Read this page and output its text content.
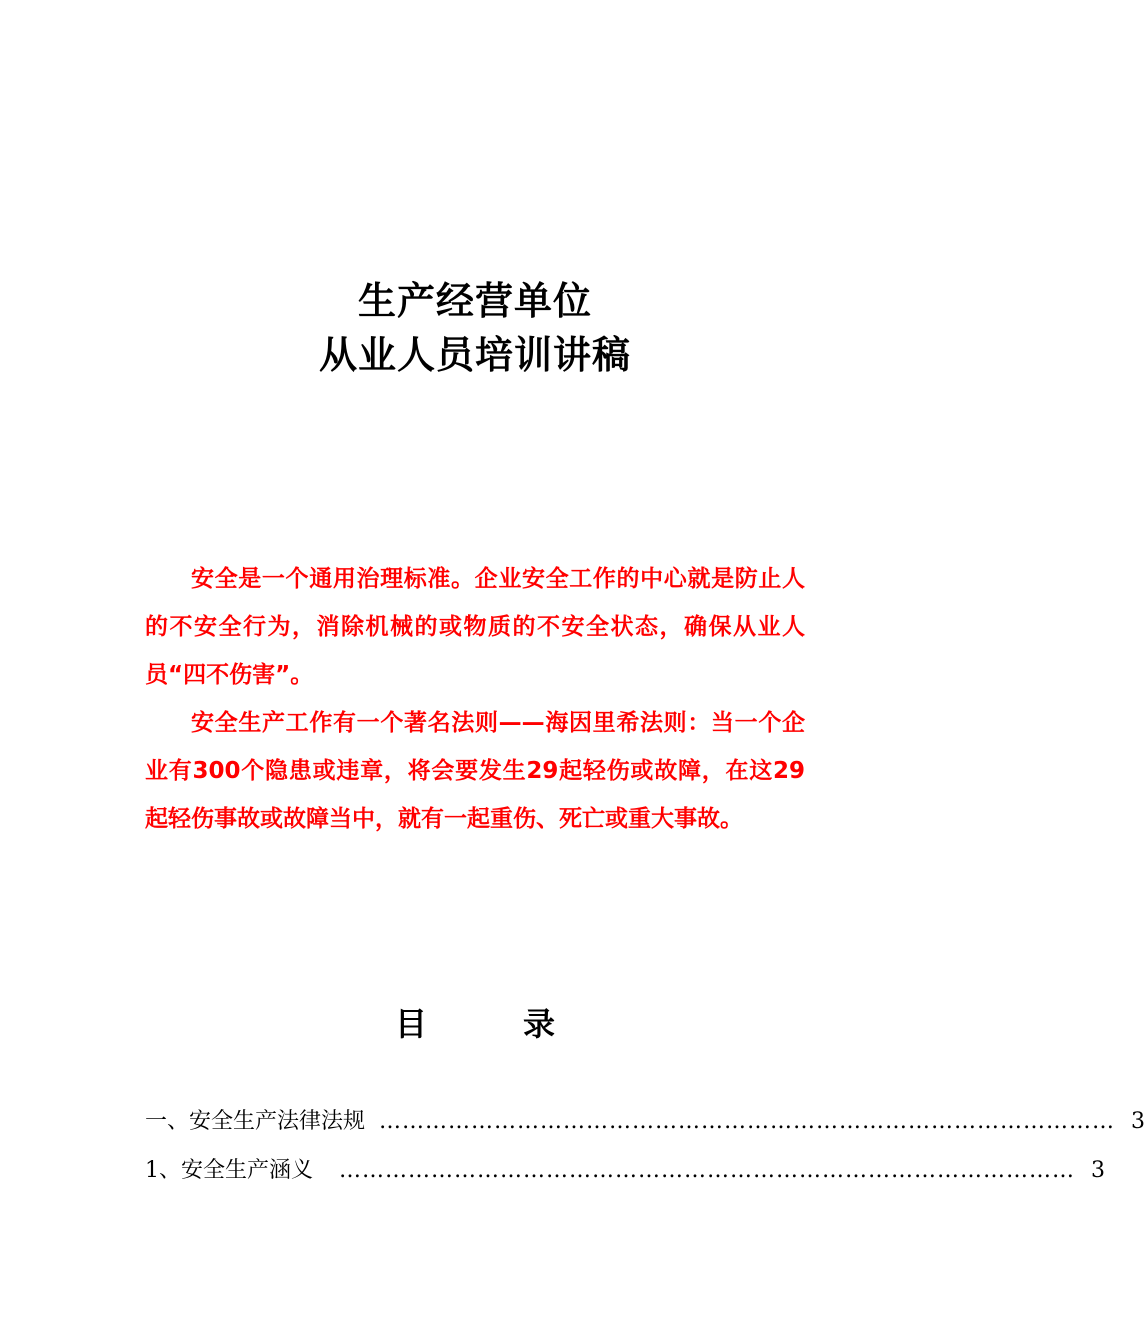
生产经营单位
从业人员培训讲稿

安全是一个通用治理标准。企业安全工作的中心就是防止人的不安全行为，消除机械的或物质的不安全状态，确保从业人员“四不伤害”。

安全生产工作有一个著名法则——海因里希法则：当一个企业有300个隐患或违章，将会要发生29起轻伤或故障，在这29起轻伤事故或故障当中，就有一起重伤、死亡或重大事故。

目	录
一、安全生产法律法规 …………………………………………………………………………………… 3
1、安全生产涵义 …………………………………………………………………………………… 3
